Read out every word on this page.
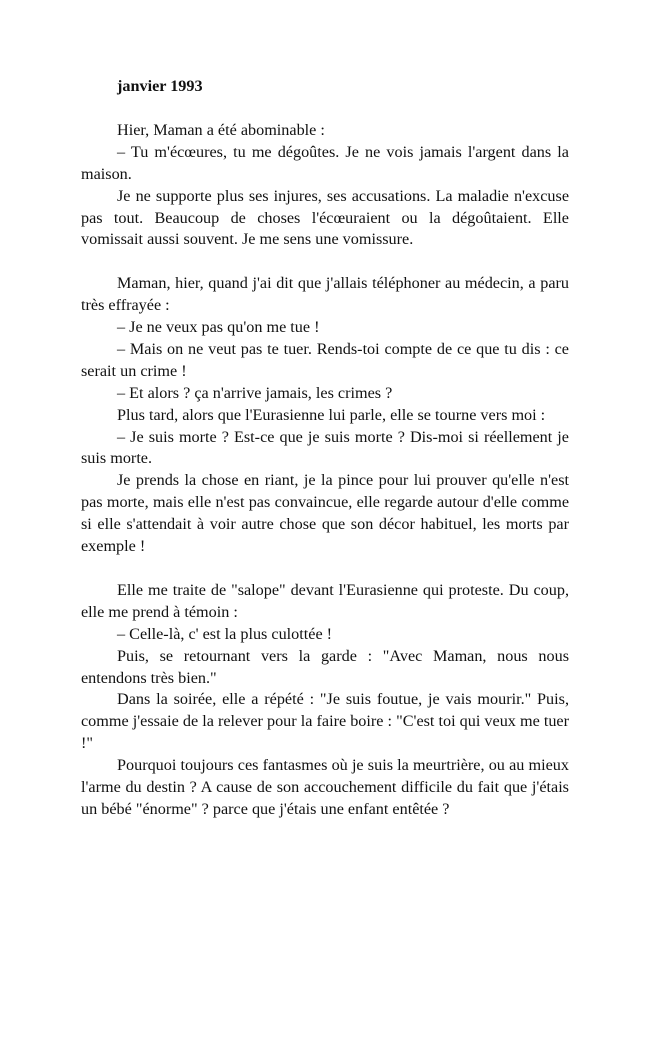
janvier 1993

Hier, Maman a été abominable :

– Tu m'écœures, tu me dégoûtes. Je ne vois jamais l'argent dans la maison.

Je ne supporte plus ses injures, ses accusations. La maladie n'excuse pas tout. Beaucoup de choses l'écœuraient ou la dégoûtaient. Elle vomissait aussi souvent. Je me sens une vomissure.

Maman, hier, quand j'ai dit que j'allais téléphoner au médecin, a paru très effrayée :

– Je ne veux pas qu'on me tue !

– Mais on ne veut pas te tuer. Rends-toi compte de ce que tu dis : ce serait un crime !

– Et alors ? ça n'arrive jamais, les crimes ?

Plus tard, alors que l'Eurasienne lui parle, elle se tourne vers moi :

– Je suis morte ? Est-ce que je suis morte ? Dis-moi si réellement je suis morte.

Je prends la chose en riant, je la pince pour lui prouver qu'elle n'est pas morte, mais elle n'est pas convaincue, elle regarde autour d'elle comme si elle s'attendait à voir autre chose que son décor habituel, les morts par exemple !

Elle me traite de "salope" devant l'Eurasienne qui proteste. Du coup, elle me prend à témoin :

– Celle-là, c' est la plus culottée !

Puis, se retournant vers la garde : "Avec Maman, nous nous entendons très bien."

Dans la soirée, elle a répété : "Je suis foutue, je vais mourir." Puis, comme j'essaie de la relever pour la faire boire : "C'est toi qui veux me tuer !"

Pourquoi toujours ces fantasmes où je suis la meurtrière, ou au mieux l'arme du destin ? A cause de son accouchement difficile du fait que j'étais un bébé "énorme" ? parce que j'étais une enfant entêtée ?
